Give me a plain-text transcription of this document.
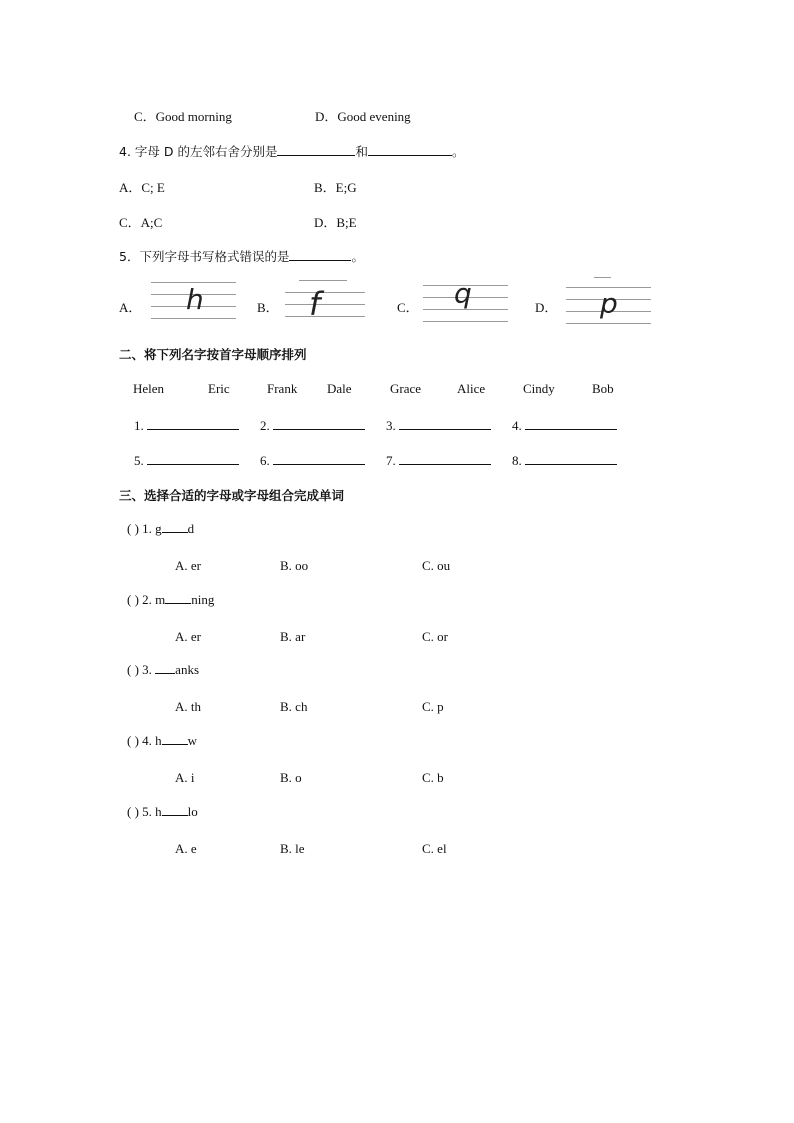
C．Good morning	D．Good evening
4. 字母 D 的左邻右舍分别是	和	。
A．C; E	B．E;G
C．A;C	D．B;E
5．下列字母书写格式错误的是	。
A． h	B． f	C． q	D． p
二、将下列名字按首字母顺序排列
Helen	Eric	Frank Dale	Grace	Alice	Cindy	Bob
1.	2.	3.	4.
5.	6.	7.	8.
三、选择合适的字母或字母组合完成单词
( ) 1. g d
A. er	B. oo	C. ou
( ) 2. m ning
A. er	B. ar	C. or
( ) 3. anks
A. th	B. ch	C. p
( ) 4. h w
A. i	B. o	C. b
( ) 5. h lo
A. e	B. le	C. el
